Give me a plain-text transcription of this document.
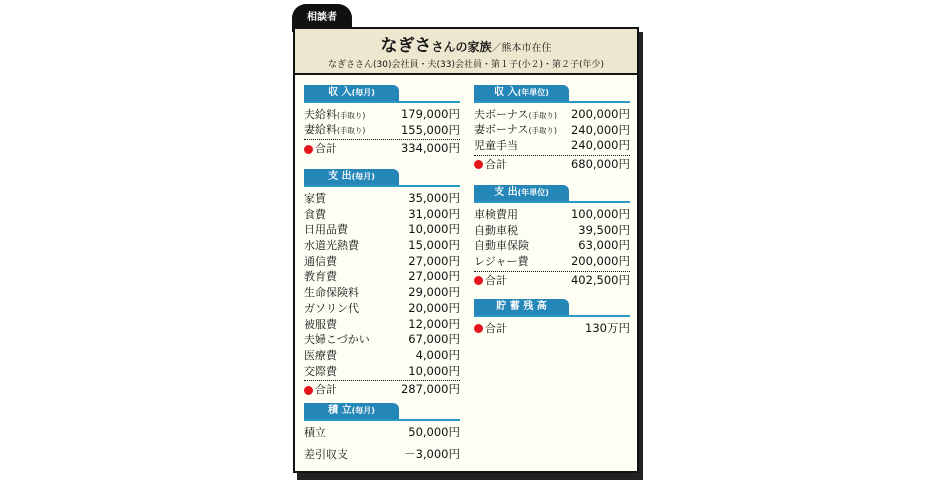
相談者
なぎささんの家族／熊本市在住
なぎささん(30)会社員・夫(33)会社員・第１子(小２)・第２子(年少)
収 入(毎月)
夫給料(手取り)	179,000円
妻給料(手取り)	155,000円
合計	334,000円
支 出(毎月)
家賃	35,000円
食費	31,000円
日用品費	10,000円
水道光熱費	15,000円
通信費	27,000円
教育費	27,000円
生命保険料	29,000円
ガソリン代	20,000円
被服費	12,000円
夫婦こづかい	67,000円
医療費	4,000円
交際費	10,000円
合計	287,000円
積 立(毎月)
積立	50,000円
差引収支	－3,000円
収 入(年単位)
夫ボーナス(手取り) 200,000円
妻ボーナス(手取り) 240,000円
児童手当	240,000円
合計	680,000円
支 出(年単位)
車検費用	100,000円
自動車税	39,500円
自動車保険	63,000円
レジャー費	200,000円
合計	402,500円
貯 蓄 残 高
合計	130万円
